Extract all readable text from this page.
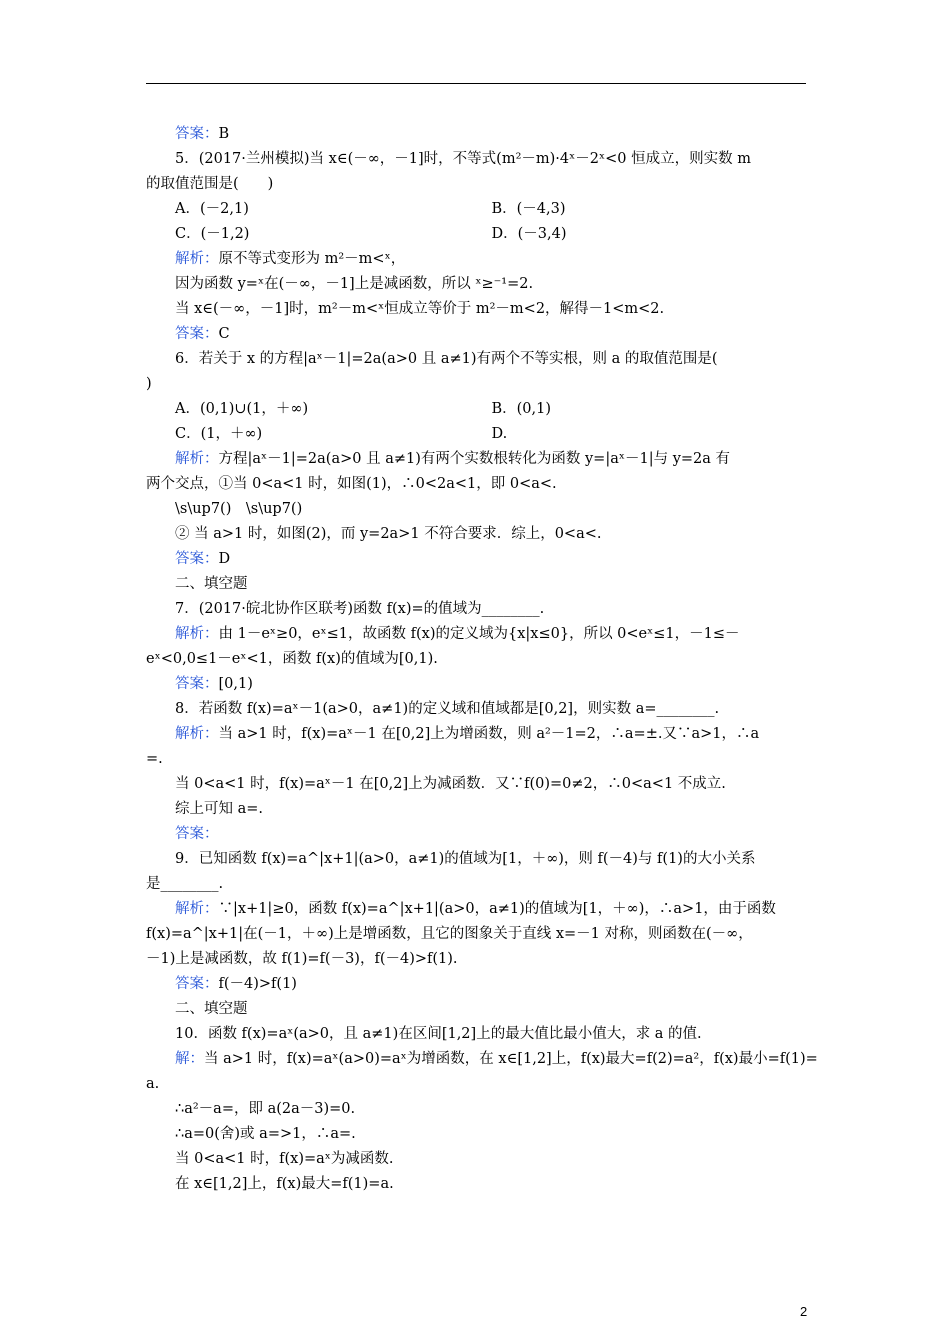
答案：B
5．(2017·兰州模拟)当 x∈(－∞，－1]时，不等式(m²－m)·4ˣ－2ˣ<0 恒成立，则实数 m
的取值范围是(　　)
A．(－2,1)	B．(－4,3)
C．(－1,2)	D．(－3,4)
解析：原不等式变形为 m²－m<ˣ，
因为函数 y=ˣ在(－∞，－1]上是减函数，所以 ˣ≥⁻¹=2.
当 x∈(－∞，－1]时，m²－m<ˣ恒成立等价于 m²－m<2，解得－1<m<2.
答案：C
6．若关于 x 的方程|aˣ－1|=2a(a>0 且 a≠1)有两个不等实根，则 a 的取值范围是(
)
A．(0,1)∪(1，＋∞)	B．(0,1)
C．(1，＋∞)	D.
解析：方程|aˣ－1|=2a(a>0 且 a≠1)有两个实数根转化为函数 y=|aˣ－1|与 y=2a 有
两个交点，①当 0<a<1 时，如图(1)，∴0<2a<1，即 0<a<.
\s\up7()　\s\up7()
② 当 a>1 时，如图(2)，而 y=2a>1 不符合要求．综上，0<a<.
答案：D
二、填空题
7．(2017·皖北协作区联考)函数 f(x)=的值域为________.
解析：由 1－eˣ≥0，eˣ≤1，故函数 f(x)的定义域为{x|x≤0}，所以 0<eˣ≤1，－1≤－
eˣ<0,0≤1－eˣ<1，函数 f(x)的值域为[0,1).
答案：[0,1)
8．若函数 f(x)=aˣ－1(a>0，a≠1)的定义域和值域都是[0,2]，则实数 a=________.
解析：当 a>1 时，f(x)=aˣ－1 在[0,2]上为增函数，则 a²－1=2，∴a=±.又∵a>1，∴a
=.
当 0<a<1 时，f(x)=aˣ－1 在[0,2]上为减函数．又∵f(0)=0≠2，∴0<a<1 不成立.
综上可知 a=.
答案：
9．已知函数 f(x)=a^|x+1|(a>0，a≠1)的值域为[1，＋∞)，则 f(－4)与 f(1)的大小关系
是________.
解析：∵|x+1|≥0，函数 f(x)=a^|x+1|(a>0，a≠1)的值域为[1，＋∞)，∴a>1，由于函数
f(x)=a^|x+1|在(－1，＋∞)上是增函数，且它的图象关于直线 x=－1 对称，则函数在(－∞，
－1)上是减函数，故 f(1)=f(－3)，f(－4)>f(1).
答案：f(－4)>f(1)
二、填空题
10．函数 f(x)=aˣ(a>0，且 a≠1)在区间[1,2]上的最大值比最小值大，求 a 的值.
解：当 a>1 时，f(x)=aˣ(a>0)=aˣ为增函数，在 x∈[1,2]上，f(x)最大=f(2)=a²，f(x)最小=f(1)=
a.
∴a²－a=，即 a(2a－3)=0.
∴a=0(舍)或 a=>1，∴a=.
当 0<a<1 时，f(x)=aˣ为减函数.
在 x∈[1,2]上，f(x)最大=f(1)=a.
2
